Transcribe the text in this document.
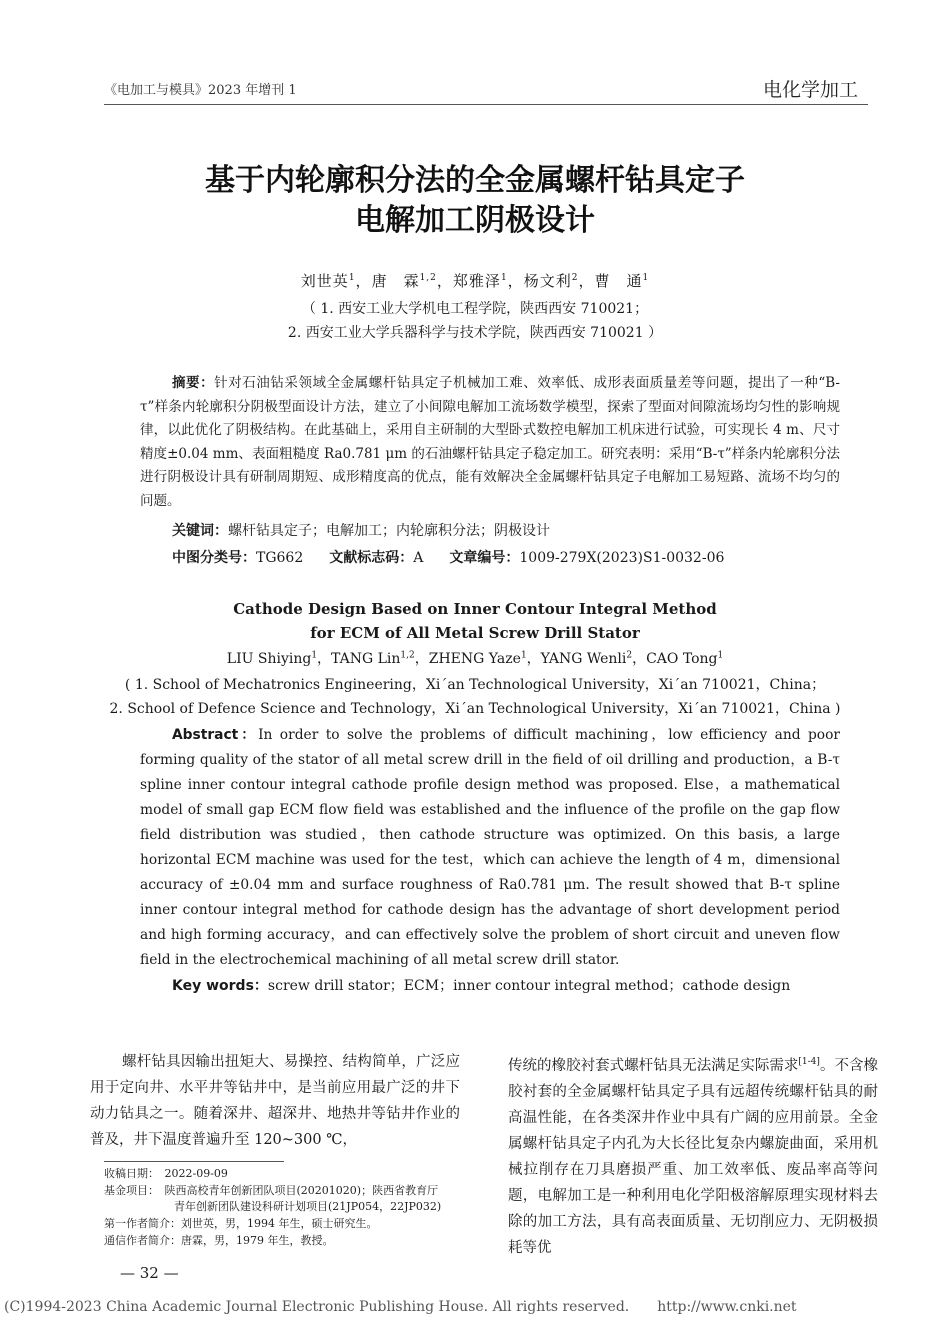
《电加工与模具》2023 年增刊 1	电化学加工
基于内轮廓积分法的全金属螺杆钻具定子
电解加工阴极设计
刘世英$^1$，唐　霖$^{1,2}$，郑雅泽$^1$，杨文利$^2$，曹　通$^1$
（ 1. 西安工业大学机电工程学院，陕西西安 710021；
2. 西安工业大学兵器科学与技术学院，陕西西安 710021 ）
摘要：针对石油钻采领域全金属螺杆钻具定子机械加工难、效率低、成形表面质量差等问题，提出了一种“B-τ”样条内轮廓积分阴极型面设计方法，建立了小间隙电解加工流场数学模型，探索了型面对间隙流场均匀性的影响规律，以此优化了阴极结构。在此基础上，采用自主研制的大型卧式数控电解加工机床进行试验，可实现长 4 m、尺寸精度±0.04 mm、表面粗糙度 Ra0.781 μm 的石油螺杆钻具定子稳定加工。研究表明：采用“B-τ”样条内轮廓积分法进行阴极设计具有研制周期短、成形精度高的优点，能有效解决全金属螺杆钻具定子电解加工易短路、流场不均匀的问题。
关键词：螺杆钻具定子；电解加工；内轮廓积分法；阴极设计
中图分类号：TG662 文献标志码：A 文章编号：1009-279X(2023)S1-0032-06
Cathode Design Based on Inner Contour Integral Method
for ECM of All Metal Screw Drill Stator
LIU Shiying$^1$，TANG Lin$^{1,2}$，ZHENG Yaze$^1$，YANG Wenli$^2$，CAO Tong$^1$
( 1. School of Mechatronics Engineering，Xi´an Technological University，Xi´an 710021，China；
2. School of Defence Science and Technology，Xi´an Technological University，Xi´an 710021，China )
Abstract：In order to solve the problems of difficult machining，low efficiency and poor forming quality of the stator of all metal screw drill in the field of oil drilling and production，a B-τ spline inner contour integral cathode profile design method was proposed. Else，a mathematical model of small gap ECM flow field was established and the influence of the profile on the gap flow field distribution was studied，then cathode structure was optimized. On this basis, a large horizontal ECM machine was used for the test，which can achieve the length of 4 m，dimensional accuracy of ±0.04 mm and surface roughness of Ra0.781 μm. The result showed that B-τ spline inner contour integral method for cathode design has the advantage of short development period and high forming accuracy，and can effectively solve the problem of short circuit and uneven flow field in the electrochemical machining of all metal screw drill stator.
Key words：screw drill stator；ECM；inner contour integral method；cathode design

螺杆钻具因输出扭矩大、易操控、结构简单，广泛应用于定向井、水平井等钻井中，是当前应用最广泛的井下动力钻具之一。随着深井、超深井、地热井等钻井作业的普及，井下温度普遍升至 120~300 ℃，

传统的橡胶衬套式螺杆钻具无法满足实际需求[1-4]。不含橡胶衬套的全金属螺杆钻具定子具有远超传统螺杆钻具的耐高温性能，在各类深井作业中具有广阔的应用前景。全金属螺杆钻具定子内孔为大长径比复杂内螺旋曲面，采用机械拉削存在刀具磨损严重、加工效率低、废品率高等问题，电解加工是一种利用电化学阳极溶解原理实现材料去除的加工方法，具有高表面质量、无切削应力、无阴极损耗等优

收稿日期：　2022-09-09
基金项目：　陕西高校青年创新团队项目(20201020)；陕西省教育厅
青年创新团队建设科研计划项目(21JP054，22JP032)
第一作者简介：刘世英，男，1994 年生，硕士研究生。
通信作者简介：唐霖，男，1979 年生，教授。
— 32 —
(C)1994-2023 China Academic Journal Electronic Publishing House. All rights reserved.　　http://www.cnki.net
